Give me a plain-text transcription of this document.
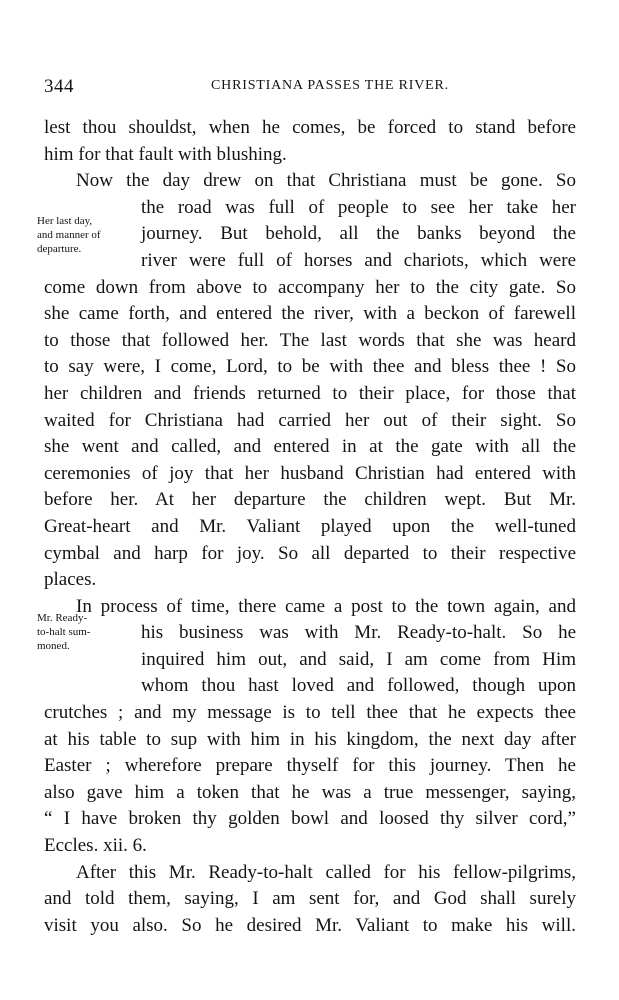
344	CHRISTIANA PASSES THE RIVER.
Her last day,
and manner of
departure.
Mr. Ready-
to-halt sum-
moned.
lest thou shouldst, when he comes, be forced to stand before
him for that fault with blushing.
Now the day drew on that Christiana must be gone. So
the road was full of people to see her take her
journey. But behold, all the banks beyond the
river were full of horses and chariots, which were
come down from above to accompany her to the city gate. So
she came forth, and entered the river, with a beckon of farewell
to those that followed her. The last words that she was heard
to say were, I come, Lord, to be with thee and bless thee ! So
her children and friends returned to their place, for those that
waited for Christiana had carried her out of their sight. So
she went and called, and entered in at the gate with all the
ceremonies of joy that her husband Christian had entered with
before her. At her departure the children wept. But Mr.
Great-heart and Mr. Valiant played upon the well-tuned
cymbal and harp for joy. So all departed to their respective
places.
In process of time, there came a post to the town again, and
his business was with Mr. Ready-to-halt. So he
inquired him out, and said, I am come from Him
whom thou hast loved and followed, though upon
crutches ; and my message is to tell thee that he expects thee
at his table to sup with him in his kingdom, the next day after
Easter ; wherefore prepare thyself for this journey. Then he
also gave him a token that he was a true messenger, saying,
“ I have broken thy golden bowl and loosed thy silver cord,”
Eccles. xii. 6.
After this Mr. Ready-to-halt called for his fellow-pilgrims,
and told them, saying, I am sent for, and God shall surely
visit you also. So he desired Mr. Valiant to make his will.
